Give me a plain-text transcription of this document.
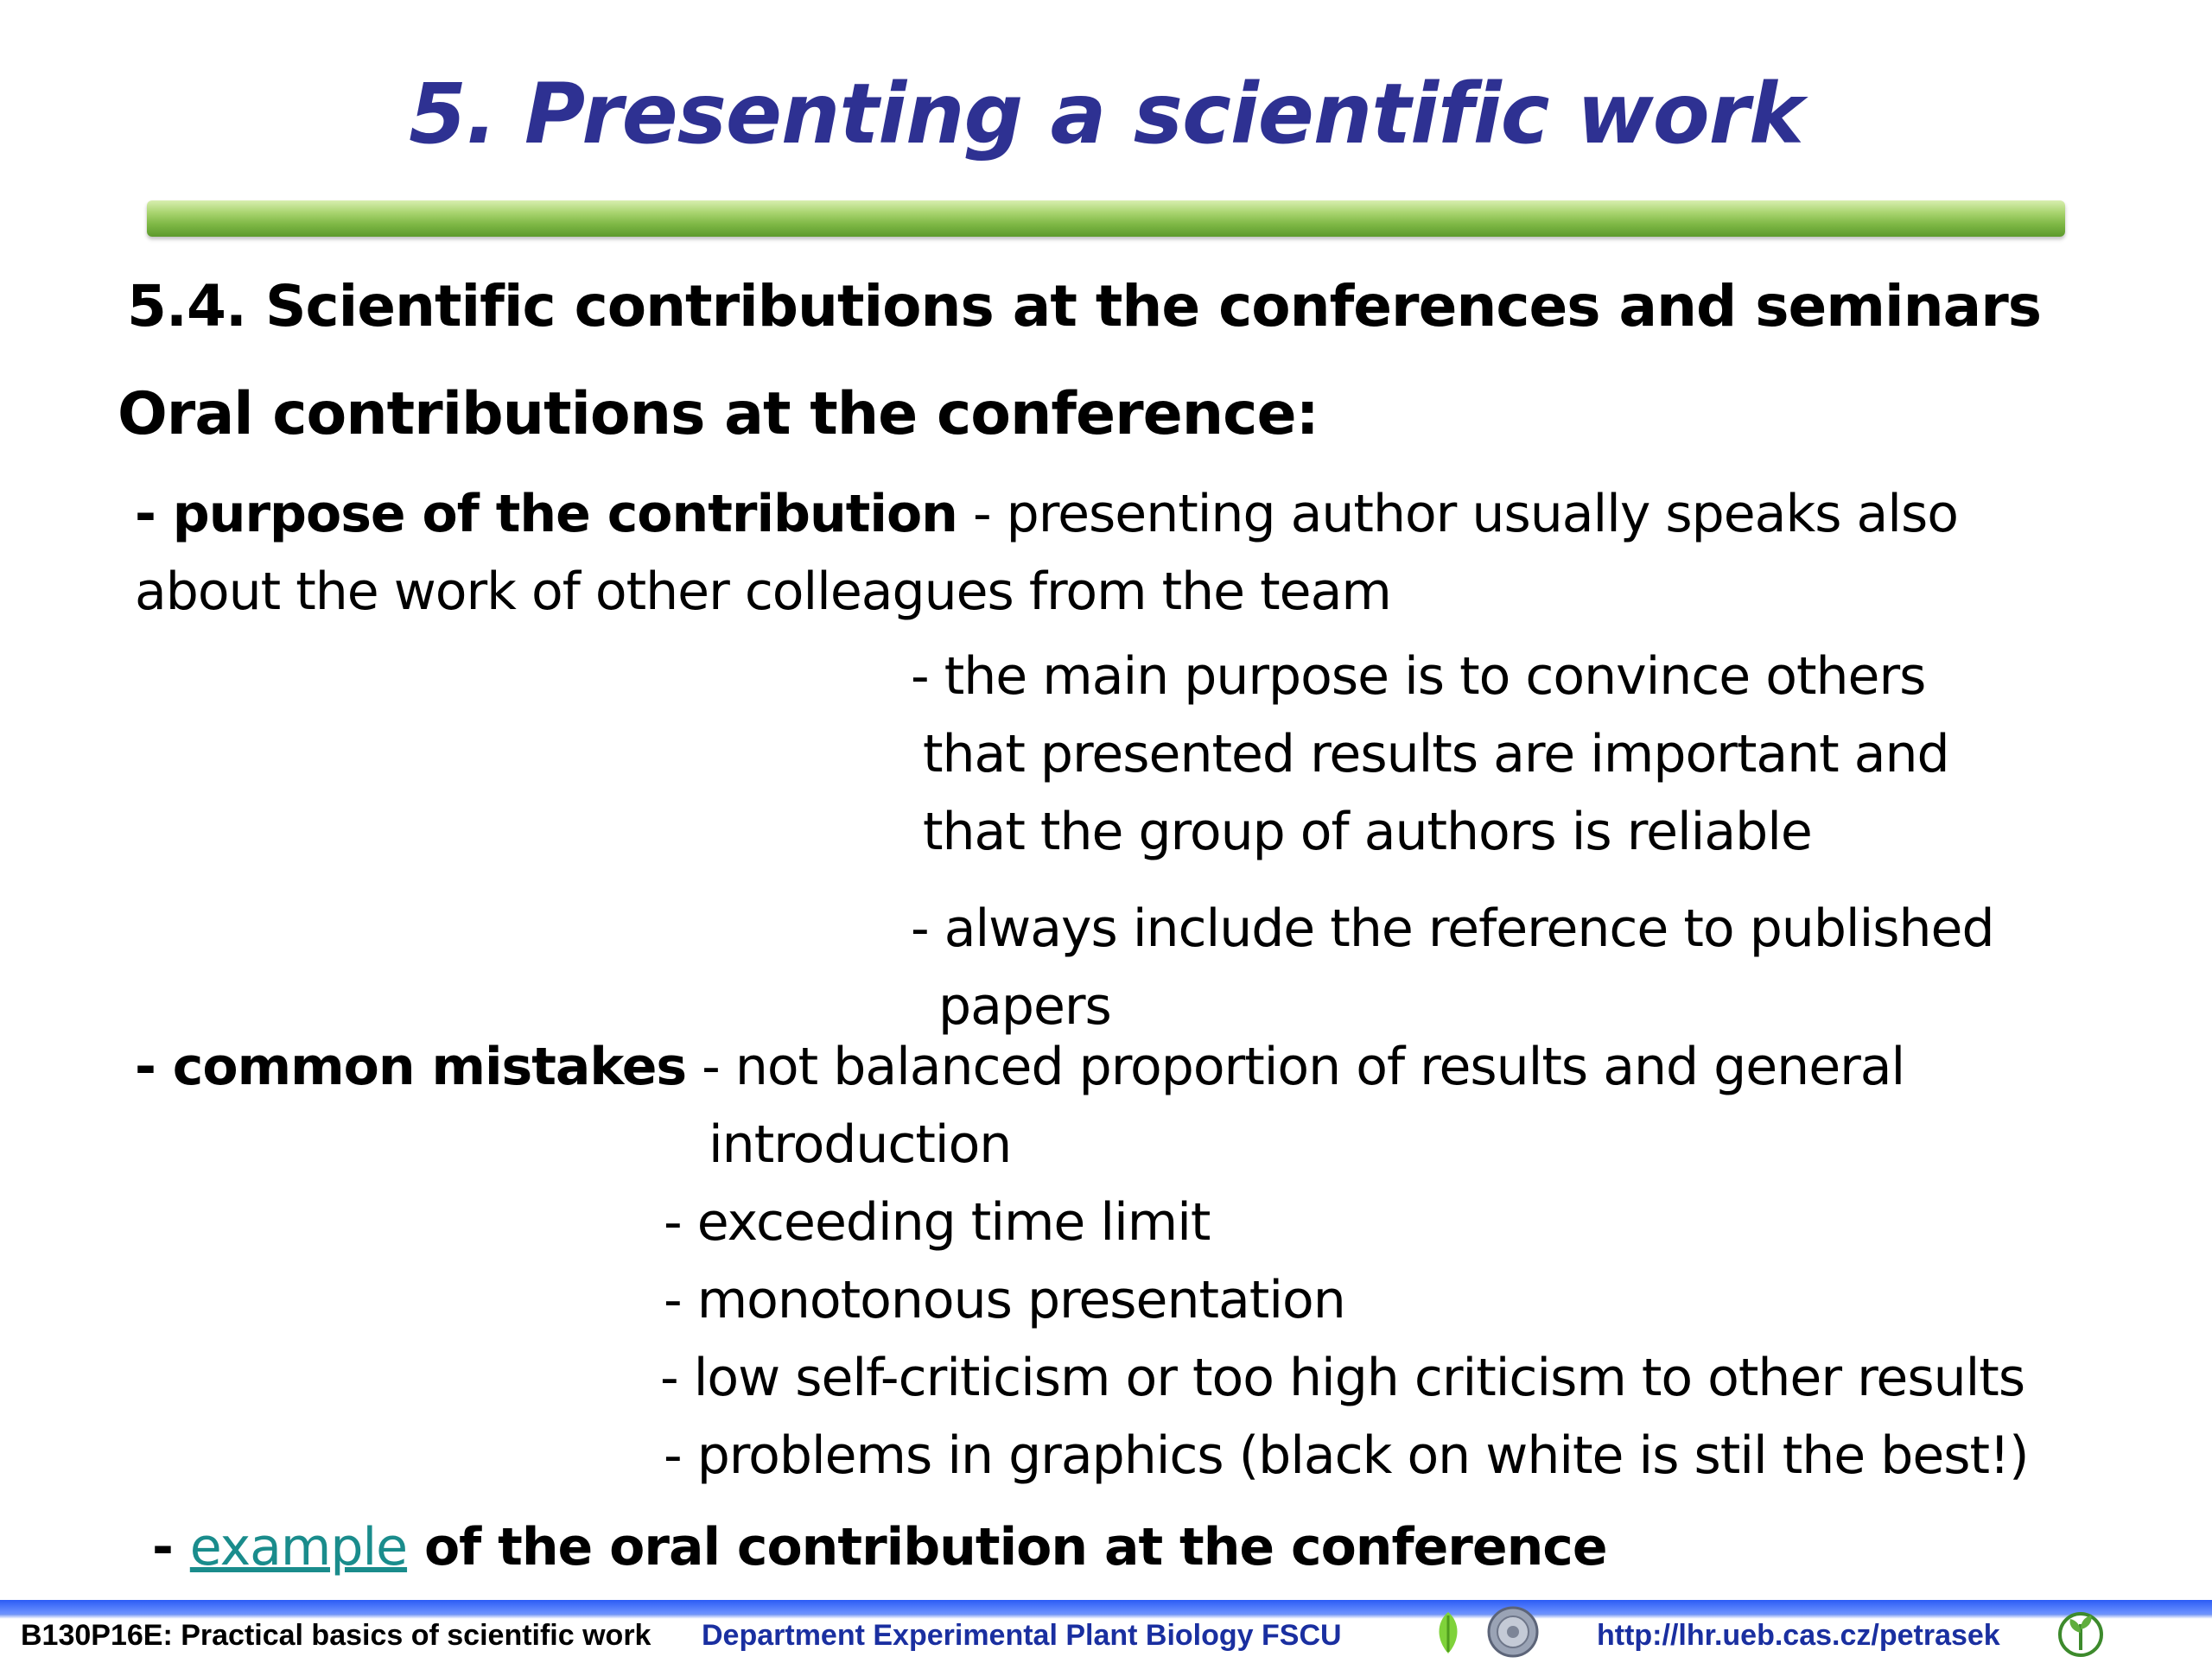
5. Presenting a scientific work
5.4. Scientific contributions at the conferences and seminars
Oral contributions at the conference:
- purpose of the contribution - presenting author usually speaks also
about the work of other colleagues from the team
- the main purpose is to convince others
that presented results are important and
that the group of authors is reliable
- always include the reference to published
papers
- common mistakes - not balanced proportion of results and general
introduction
- exceeding time limit
- monotonous presentation
- low self-criticism or too high criticism to other results
- problems in graphics (black on white is stil the best!)
- example of the oral contribution at the conference
B130P16E: Practical basics of scientific work Department Experimental Plant Biology FSCU	http://lhr.ueb.cas.cz/petrasek
